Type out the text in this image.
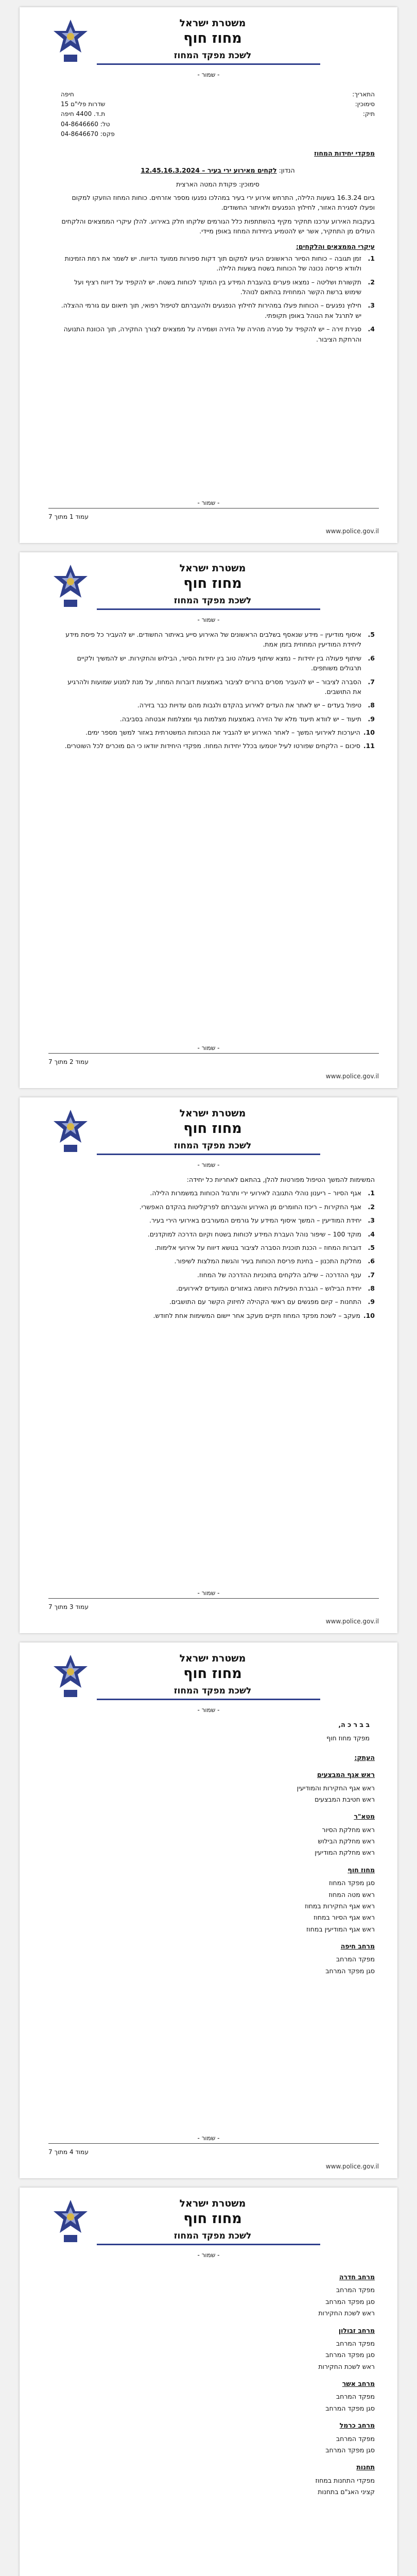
משטרת ישראל
מחוז חוף
לשכת מפקד המחוז
- שמור -
התאריך:
סימוכין:
תיק:
חיפה
שדרות פלי"ם 15
ת.ד. 4400 חיפה
טל: 04-8646660
פקס: 04-8646670

מפקדי יחידות המחוז

הנדון: לקחים מאירוע ירי בעיר – 12.45.16.3.2024

סימוכין: פקודת המטה הארצית

ביום 16.3.24 בשעות הלילה, התרחש אירוע ירי בעיר במהלכו נפגעו מספר אזרחים. כוחות המחוז הוזעקו למקום ופעלו לסגירת האזור, לחילוץ הנפגעים ולאיתור החשודים.

בעקבות האירוע ערכנו תחקיר מקיף בהשתתפות כלל הגורמים שלקחו חלק באירוע. להלן עיקרי הממצאים והלקחים העולים מן התחקיר, אשר יש להטמיע ביחידות המחוז באופן מיידי.

עיקרי הממצאים והלקחים:
1.
זמן תגובה – כוחות הסיור הראשונים הגיעו למקום תוך דקות ספורות ממועד הדיווח. יש לשמר את רמת הזמינות ולוודא פריסה נכונה של הכוחות בשטח בשעות הלילה.
2.
תקשורת ושליטה – נמצאו פערים בהעברת המידע בין המוקד לכוחות בשטח. יש להקפיד על דיווח רציף ועל שימוש ברשת הקשר המחוזית בהתאם לנוהל.
3.
חילוץ נפגעים – הכוחות פעלו במהירות לחילוץ הנפגעים ולהעברתם לטיפול רפואי, תוך תיאום עם גורמי ההצלה. יש לתרגל את הנוהל באופן תקופתי.
4.
סגירת זירה – יש להקפיד על סגירה מהירה של הזירה ושמירה על ממצאים לצורך החקירה, תוך הכוונת התנועה והרחקת הציבור.
- שמור -
עמוד 1 מתוך 7
www.police.gov.il
משטרת ישראל
מחוז חוף
לשכת מפקד המחוז
- שמור -
5.
איסוף מודיעין – מידע שנאסף בשלבים הראשונים של האירוע סייע באיתור החשודים. יש להעביר כל פיסת מידע ליחידת המודיעין המחוזית בזמן אמת.
6.
שיתוף פעולה בין יחידות – נמצא שיתוף פעולה טוב בין יחידות הסיור, הבילוש והחקירות. יש להמשיך ולקיים תרגולים משותפים.
7.
הסברה לציבור – יש להעביר מסרים ברורים לציבור באמצעות דוברות המחוז, על מנת למנוע שמועות ולהרגיע את התושבים.
8.
טיפול בעדים – יש לאתר את העדים לאירוע בהקדם ולגבות מהם עדויות כבר בזירה.
9.
תיעוד – יש לוודא תיעוד מלא של הזירה באמצעות מצלמות גוף ומצלמות אבטחה בסביבה.
10.
היערכות לאירועי המשך – לאחר האירוע יש להגביר את הנוכחות המשטרתית באזור למשך מספר ימים.
11.
סיכום – הלקחים שפורטו לעיל יוטמעו בכלל יחידות המחוז. מפקדי היחידות יוודאו כי הם מוכרים לכל השוטרים.
- שמור -
עמוד 2 מתוך 7
www.police.gov.il
משטרת ישראל
מחוז חוף
לשכת מפקד המחוז
- שמור -

המשימות להמשך הטיפול מפורטות להלן, בהתאם לאחריות כל יחידה:

1.
אגף הסיור – ריענון נוהלי התגובה לאירועי ירי ותרגול הכוחות במשמרות הלילה.
2.
אגף החקירות – ריכוז החומרים מן האירוע והעברתם לפרקליטות בהקדם האפשרי.
3.
יחידת המודיעין – המשך איסוף המידע על גורמים המעורבים באירועי הירי בעיר.
4.
מוקד 100 – שיפור נוהל העברת המידע לכוחות בשטח וקיום הדרכה למוקדנים.
5.
דוברות המחוז – הכנת תוכנית הסברה לציבור בנושא דיווח על אירועי אלימות.
6.
מחלקת התכנון – בחינת פריסת הכוחות בעיר והגשת המלצות לשיפור.
7.
ענף ההדרכה – שילוב הלקחים בתוכניות ההדרכה של המחוז.
8.
יחידת הבילוש – הגברת הפעילות היזומה באזורים המועדים לאירועים.
9.
התחנות – קיום מפגשים עם ראשי הקהילה לחיזוק הקשר עם התושבים.
10.
מעקב – לשכת מפקד המחוז תקיים מעקב אחר יישום המשימות אחת לחודש.
- שמור -
עמוד 3 מתוך 7
www.police.gov.il
משטרת ישראל
מחוז חוף
לשכת מפקד המחוז
- שמור -

ב ב ר כ ה,

מפקד מחוז חוף

העתק:

ראש אגף המבצעים
ראש אגף החקירות והמודיעין
ראש חטיבת המבצעים
מטא"ר
ראש מחלקת הסיור
ראש מחלקת הבילוש
ראש מחלקת המודיעין
מחוז חוף
סגן מפקד המחוז
ראש מטה המחוז
ראש אגף החקירות במחוז
ראש אגף הסיור במחוז
ראש אגף המודיעין במחוז
מרחב חיפה
מפקד המרחב
סגן מפקד המרחב
- שמור -
עמוד 4 מתוך 7
www.police.gov.il
משטרת ישראל
מחוז חוף
לשכת מפקד המחוז
- שמור -
מרחב חדרה
מפקד המרחב
סגן מפקד המרחב
ראש לשכת החקירות
מרחב זבולון
מפקד המרחב
סגן מפקד המרחב
ראש לשכת החקירות
מרחב אשר
מפקד המרחב
סגן מפקד המרחב
מרחב כרמל
מפקד המרחב
סגן מפקד המרחב
תחנות
מפקדי התחנות במחוז
קציני האג"ם בתחנות
